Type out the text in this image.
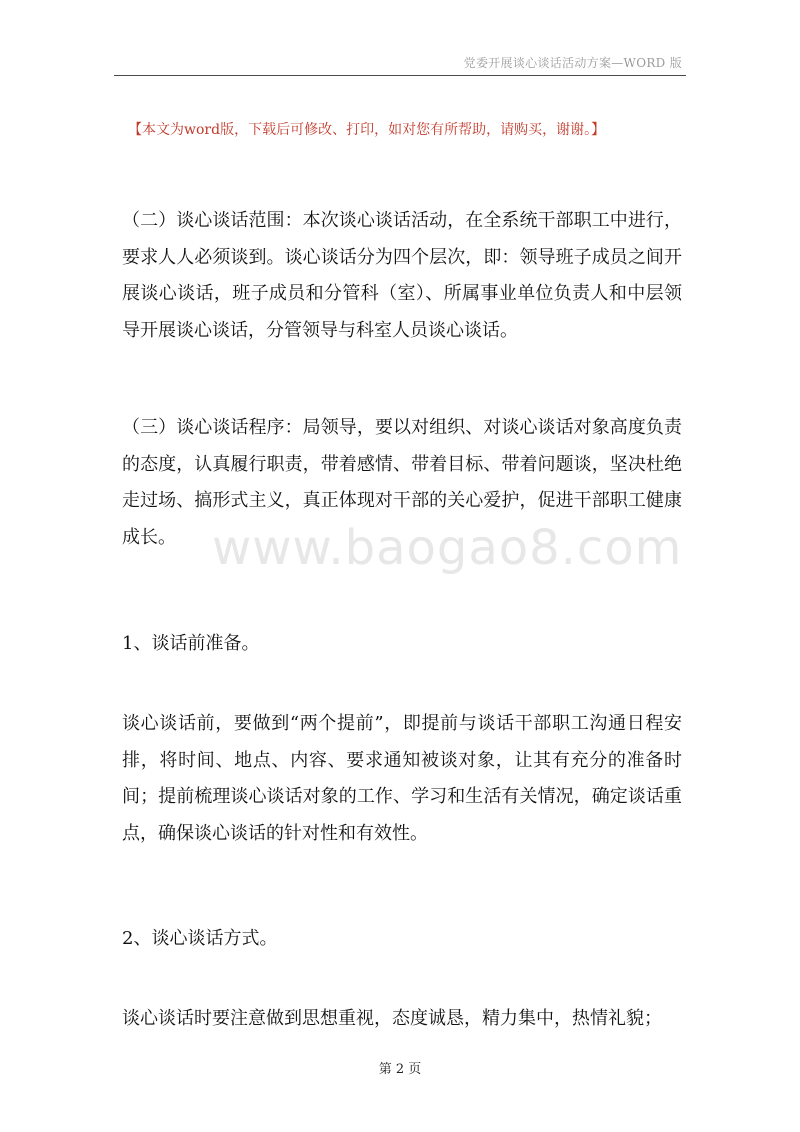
党委开展谈心谈话活动方案—WORD 版
【本文为word版，下载后可修改、打印，如对您有所帮助，请购买，谢谢。】

（二）谈心谈话范围：本次谈心谈话活动，在全系统干部职工中进行，要求人人必须谈到。谈心谈话分为四个层次，即：领导班子成员之间开展谈心谈话，班子成员和分管科（室）、所属事业单位负责人和中层领导开展谈心谈话，分管领导与科室人员谈心谈话。

（三）谈心谈话程序：局领导，要以对组织、对谈心谈话对象高度负责的态度，认真履行职责，带着感情、带着目标、带着问题谈，坚决杜绝走过场、搞形式主义，真正体现对干部的关心爱护，促进干部职工健康成长。

1、谈话前准备。

谈心谈话前，要做到“两个提前”，即提前与谈话干部职工沟通日程安排，将时间、地点、内容、要求通知被谈对象，让其有充分的准备时间；提前梳理谈心谈话对象的工作、学习和生活有关情况，确定谈话重点，确保谈心谈话的针对性和有效性。

2、谈心谈话方式。

谈心谈话时要注意做到思想重视，态度诚恳，精力集中，热情礼貌；

www.baogao8.com
第 2 页
